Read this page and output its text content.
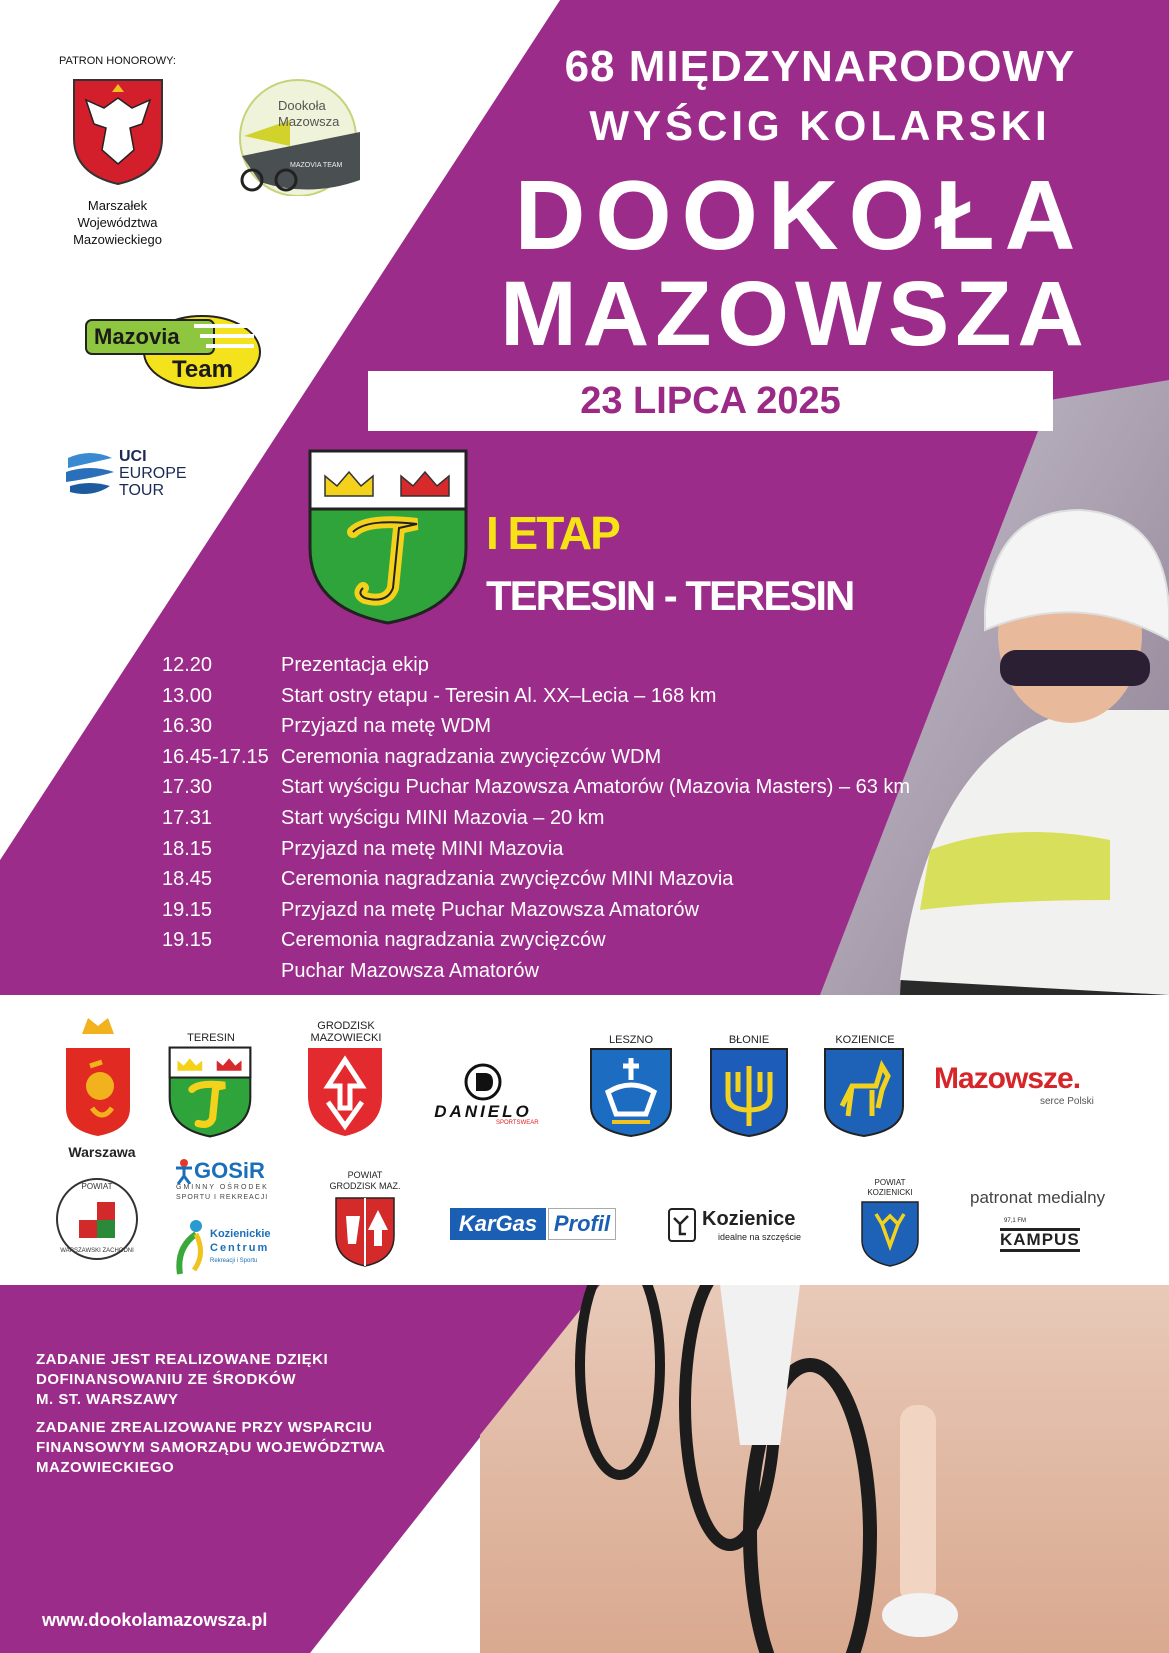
PATRON HONOROWY:
Marszałek
Województwa
Mazowieckiego
Dookoła
Mazowsza
MAZOVIA TEAM
Mazovia
Team
UCI
EUROPE
TOUR
68 MIĘDZYNARODOWY
WYŚCIG KOLARSKI
DOOKOŁA
MAZOWSZA
23 LIPCA 2025
I ETAP
TERESIN - TERESIN
12.20	Prezentacja ekip
13.00	Start ostry etapu - Teresin Al. XX–Lecia – 168 km
16.30	Przyjazd na metę WDM
16.45-17.15 Ceremonia nagradzania zwycięzców WDM
17.30	Start wyścigu Puchar Mazowsza Amatorów (Mazovia Masters) – 63 km
17.31	Start wyścigu MINI Mazovia – 20 km
18.15	Przyjazd na metę MINI Mazovia
18.45	Ceremonia nagradzania zwycięzców MINI Mazovia
19.15	Przyjazd na metę Puchar Mazowsza Amatorów
19.15	Ceremonia nagradzania zwycięzców
Puchar Mazowsza Amatorów
Warszawa
TERESIN
GRODZISK
MAZOWIECKI
DANIELO
SPORTSWEAR
LESZNO	BŁONIE	KOZIENICE
Mazowsze.
serce Polski
POWIAT
WARSZAWSKI ZACHODNI
GOSiR
GMINNY OŚRODEK
SPORTU I REKREACJI
Kozienickie
Centrum
Rekreacji i Sportu
POWIAT
GRODZISK MAZ.
KarGas Profil	Kozienice
idealne na szczęście
POWIAT
KOZIENICKI	patronat medialny
97,1 FM
KAMPUS
ZADANIE JEST REALIZOWANE DZIĘKI
DOFINANSOWANIU ZE ŚRODKÓW
M. ST. WARSZAWY
ZADANIE ZREALIZOWANE PRZY WSPARCIU
FINANSOWYM SAMORZĄDU WOJEWÓDZTWA
MAZOWIECKIEGO
www.dookolamazowsza.pl
